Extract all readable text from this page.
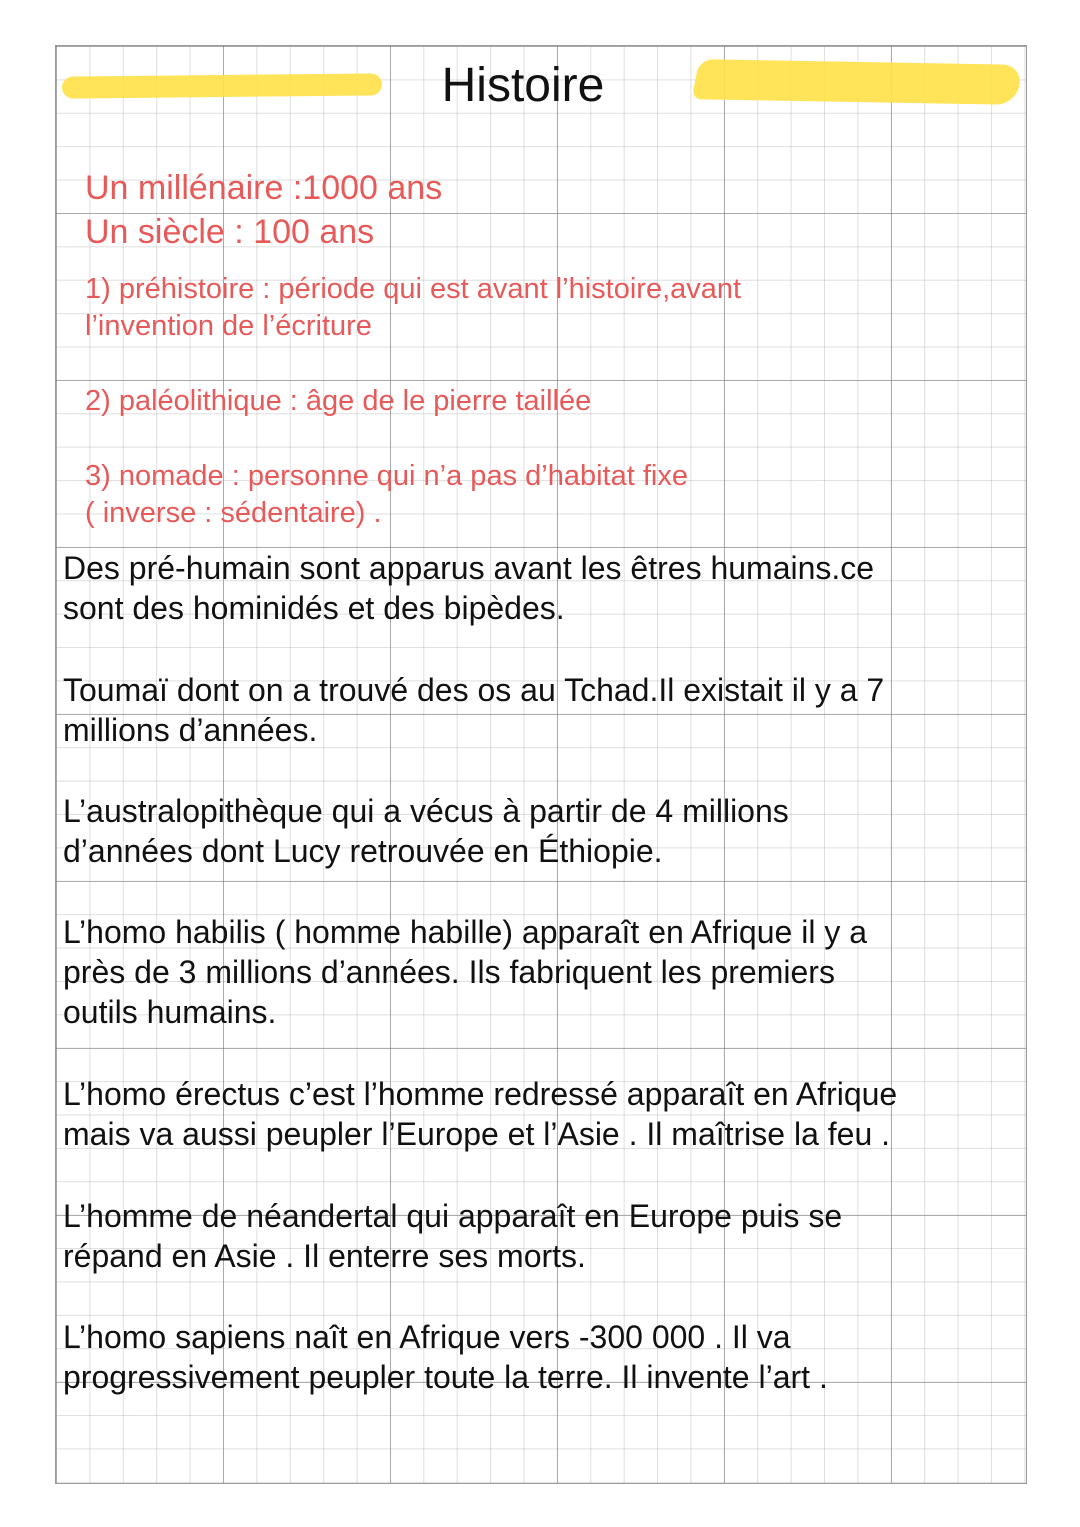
Histoire
Un millénaire :1000 ans
Un siècle : 100 ans
1) préhistoire : période qui est avant l’histoire,avant
l’invention de l’écriture
2) paléolithique : âge de le pierre taillée
3) nomade : personne qui n’a pas d’habitat fixe
( inverse : sédentaire) .
Des pré-humain sont apparus avant les êtres humains.ce
sont des hominidés et des bipèdes.
Toumaï dont on a trouvé des os au Tchad.Il existait il y a 7
millions d’années.
L’australopithèque qui a vécus à partir de 4 millions
d’années dont Lucy retrouvée en Éthiopie.
L’homo habilis ( homme habille) apparaît en Afrique il y a
près de 3 millions d’années. Ils fabriquent les premiers
outils humains.
L’homo érectus c’est l’homme redressé apparaît en Afrique
mais va aussi peupler l’Europe et l’Asie . Il maîtrise la feu .
L’homme de néandertal qui apparaît en Europe puis se
répand en Asie . Il enterre ses morts.
L’homo sapiens naît en Afrique vers -300 000 . Il va
progressivement peupler toute la terre. Il invente l’art .
